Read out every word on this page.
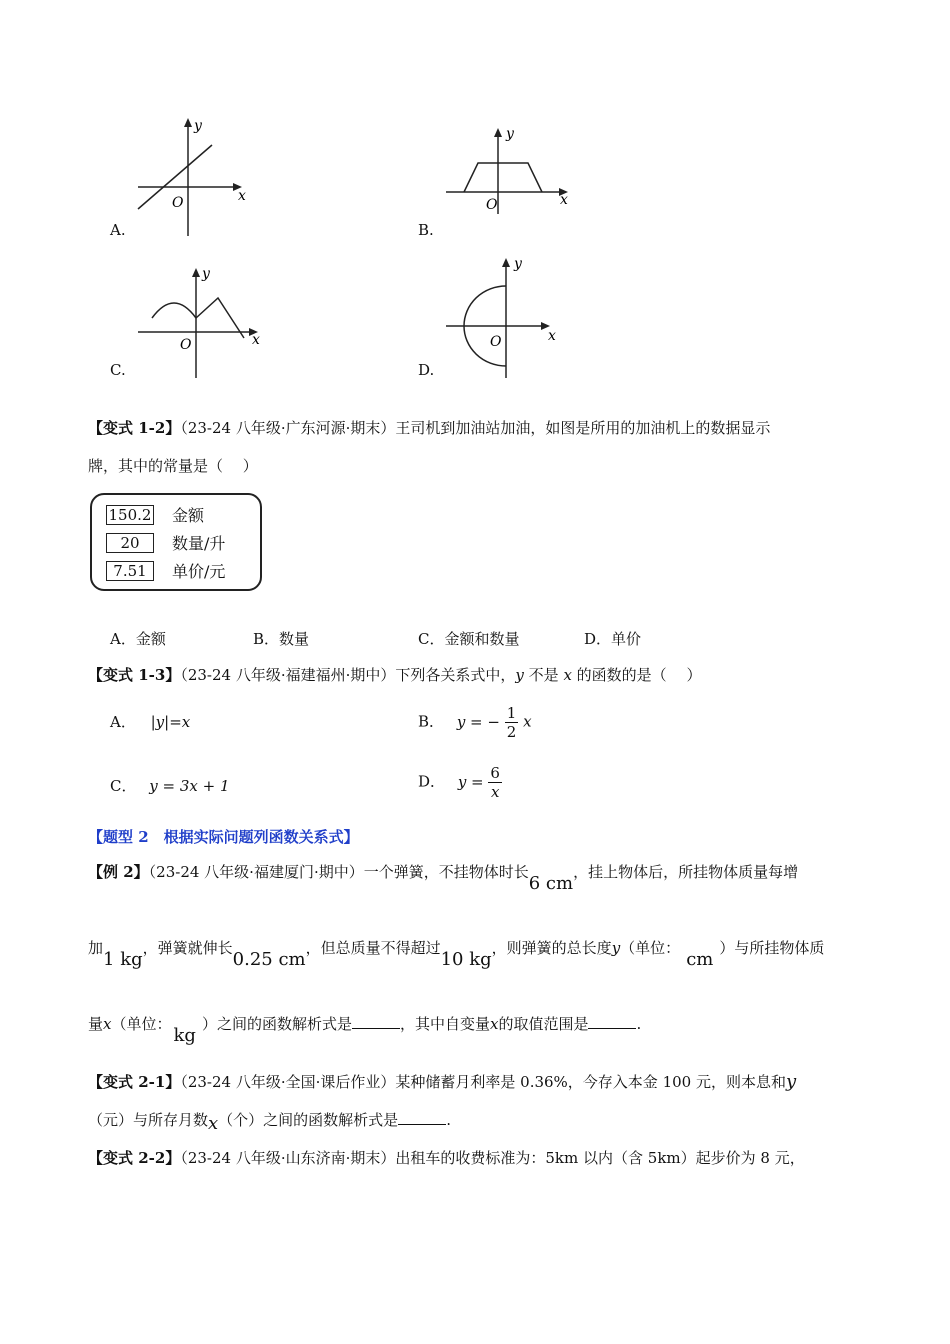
y
x
O
A.
y
x
O
B.
y
x
O
C.
y
x
O
D.
【变式 1-2】（23-24 八年级·广东河源·期末）王司机到加油站加油，如图是所用的加油机上的数据显示
牌，其中的常量是（　 ）
150.2 金额
20 数量/升
7.51 单价/元
A．金额	B．数量	C．金额和数量	D．单价
【变式 1-3】（23-24 八年级·福建福州·期中）下列各关系式中，y 不是 x 的函数的是（　 ）
A． |y|=x	B． y = − $\frac{1}{2}$ x
C． y = 3x + 1	D． $y = \frac{6}{x}$
【题型 2　根据实际问题列函数关系式】
【例 2】（23-24 八年级·福建厦门·期中）一个弹簧，不挂物体时长6 cm，挂上物体后，所挂物体质量每增
加1 kg，弹簧就伸长0.25 cm，但总质量不得超过10 kg，则弹簧的总长度y（单位：cm）与所挂物体质
量x（单位：kg）之间的函数解析式是	，其中自变量x的取值范围是	.
【变式 2-1】（23-24 八年级·全国·课后作业）某种储蓄月利率是 0.36%，今存入本金 100 元，则本息和y
（元）与所存月数x（个）之间的函数解析式是	.
【变式 2-2】（23-24 八年级·山东济南·期末）出租车的收费标准为：5km 以内（含 5km）起步价为 8 元，
